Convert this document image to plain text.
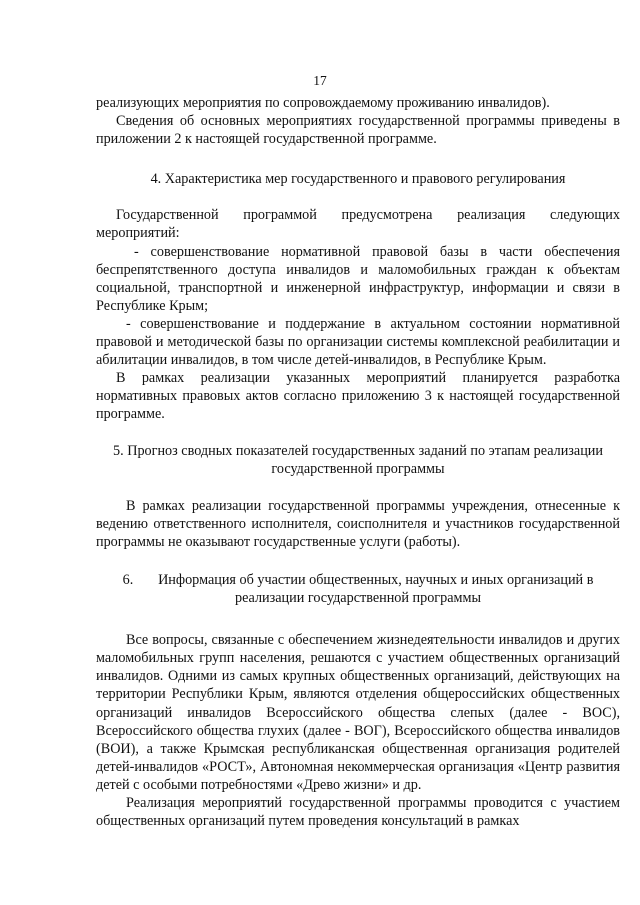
17

реализующих мероприятия по сопровождаемому проживанию инвалидов).

Сведения об основных мероприятиях государственной программы приведены в приложении 2 к настоящей государственной программе.

4. Характеристика мер государственного и правового регулирования

Государственной программой предусмотрена реализация следующих мероприятий:

- совершенствование нормативной правовой базы в части обеспечения беспрепятственного доступа инвалидов и маломобильных граждан к объектам социальной, транспортной и инженерной инфраструктур, информации и связи в Республике Крым;

- совершенствование и поддержание в актуальном состоянии нормативной правовой и методической базы по организации системы комплексной реабилитации и абилитации инвалидов, в том числе детей-инвалидов, в Республике Крым.

В рамках реализации указанных мероприятий планируется разработка нормативных правовых актов согласно приложению 3 к настоящей государственной программе.

5. Прогноз сводных показателей государственных заданий по этапам реализации государственной программы

В рамках реализации государственной программы учреждения, отнесенные к ведению ответственного исполнителя, соисполнителя и участников государственной программы не оказывают государственные услуги (работы).

6.       Информация об участии общественных, научных и иных организаций в реализации государственной программы

Все вопросы, связанные с обеспечением жизнедеятельности инвалидов и других маломобильных групп населения, решаются с участием общественных организаций инвалидов. Одними из самых крупных общественных организаций, действующих на территории Республики Крым, являются отделения общероссийских общественных организаций инвалидов Всероссийского общества слепых (далее - ВОС), Всероссийского общества глухих (далее - ВОГ), Всероссийского общества инвалидов (ВОИ), а также Крымская республиканская общественная организация родителей детей-инвалидов «РОСТ», Автономная некоммерческая организация «Центр развития детей с особыми потребностями «Древо жизни» и др.

Реализация мероприятий государственной программы проводится с участием общественных организаций путем проведения консультаций в рамках
